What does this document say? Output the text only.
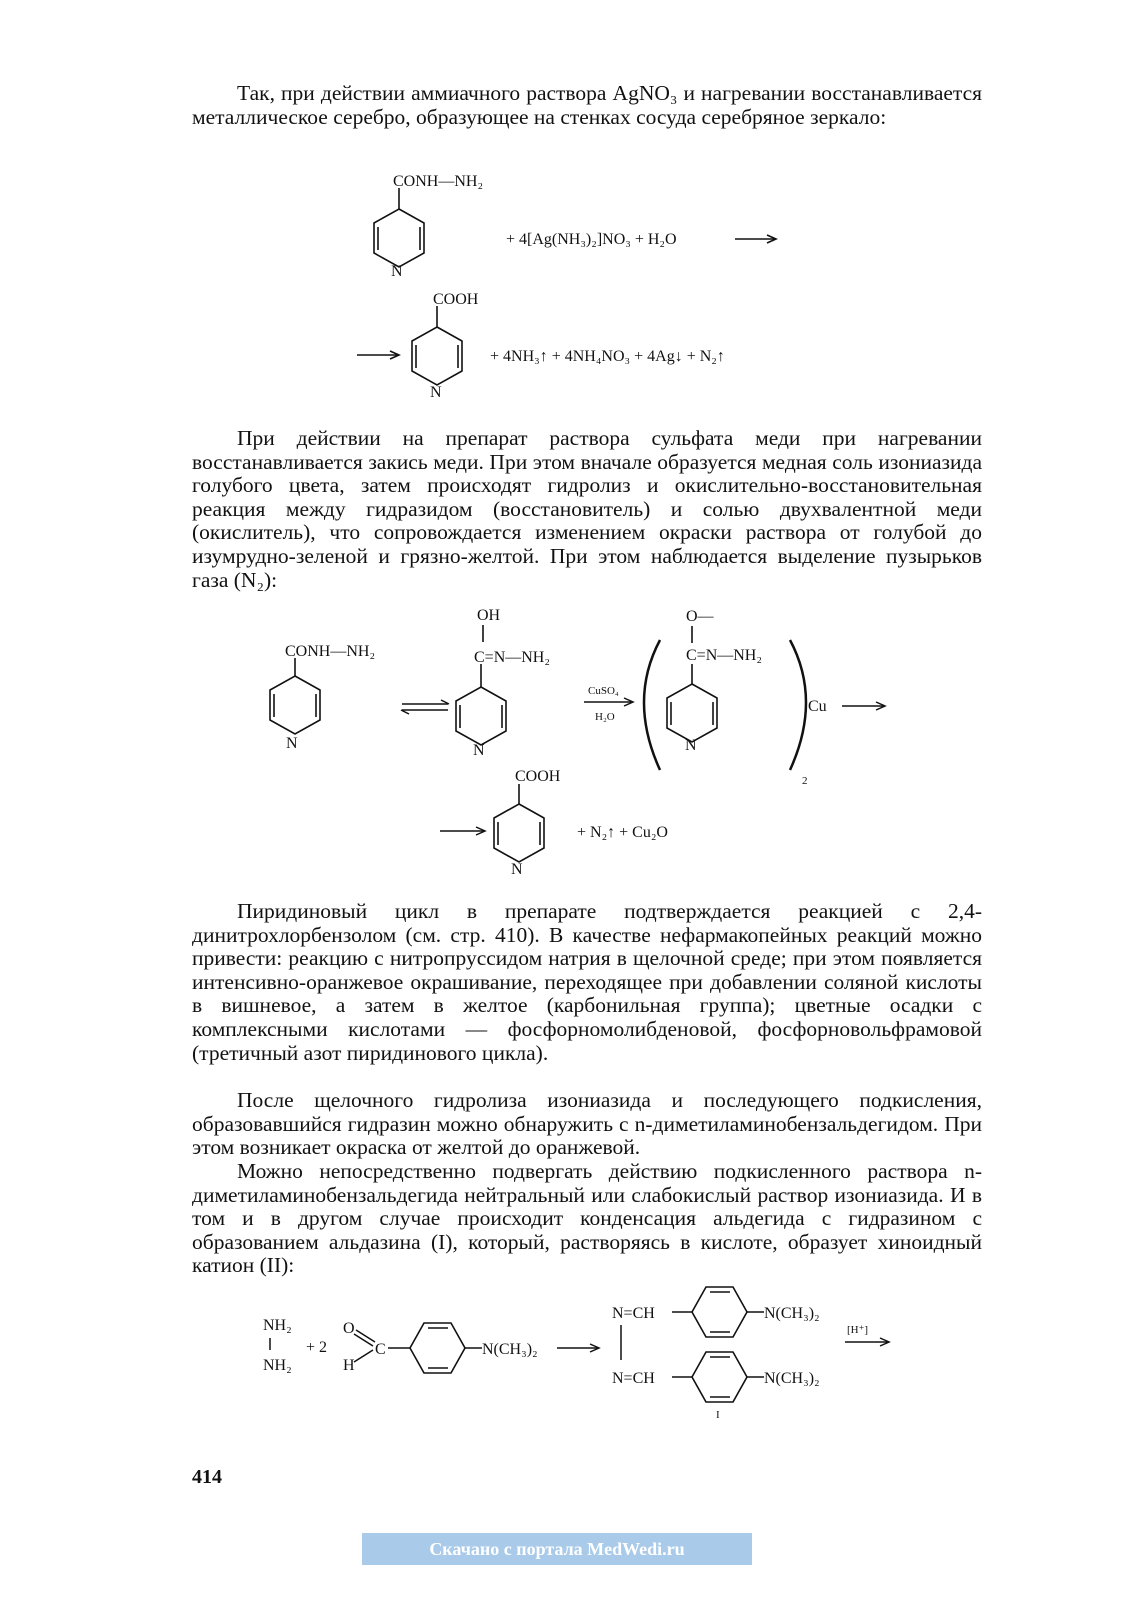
Так, при действии аммиачного раствора AgNO₃ и нагревании восстанавливается металлическое серебро, образующее на стенках сосуда серебряное зеркало:

CONH—NH₂
N
+ 4[Ag(NH₃)₂]NO₃ + H₂O
COOH
N
+ 4NH₃↑ + 4NH₄NO₃ + 4Ag↓ + N₂↑

При действии на препарат раствора сульфата меди при нагревании восстанавливается закись меди. При этом вначале образуется медная соль изониазида голубого цвета, затем происходят гидролиз и окислительно-восстановительная реакция между гидразидом (восстановитель) и солью двухвалентной меди (окислитель), что сопровождается изменением окраски раствора от голубой до изумрудно-зеленой и грязно-желтой. При этом наблюдается выделение пузырьков газа (N₂):

CONH—NH₂
N
OH
C=N—NH₂
N
CuSO₄
H₂O
O—
C=N—NH₂
N
Cu
2
COOH
N
+ N₂↑ + Cu₂O

Пиридиновый цикл в препарате подтверждается реакцией с 2,4-динитрохлорбензолом (см. стр. 410). В качестве нефармакопейных реакций можно привести: реакцию с нитропруссидом натрия в щелочной среде; при этом появляется интенсивно-оранжевое окрашивание, переходящее при добавлении соляной кислоты в вишневое, а затем в желтое (карбонильная группа); цветные осадки с комплексными кислотами — фосфорномолибденовой, фосфорновольфрамовой (третичный азот пиридинового цикла).

После щелочного гидролиза изониазида и последующего подкисления, образовавшийся гидразин можно обнаружить с n-диметиламинобензальдегидом. При этом возникает окраска от желтой до оранжевой.

Можно непосредственно подвергать действию подкисленного раствора n-диметиламинобензальдегида нейтральный или слабокислый раствор изониазида. И в том и в другом случае происходит конденсация альдегида с гидразином с образованием альдазина (I), который, растворяясь в кислоте, образует хиноидный катион (II):

NH₂
NH₂
+ 2
O
H
C	N(CH₃)₂
N=CH
N=CH
N(CH₃)₂
N(CH₃)₂
I
[H⁺]

414

Скачано с портала MedWedi.ru
